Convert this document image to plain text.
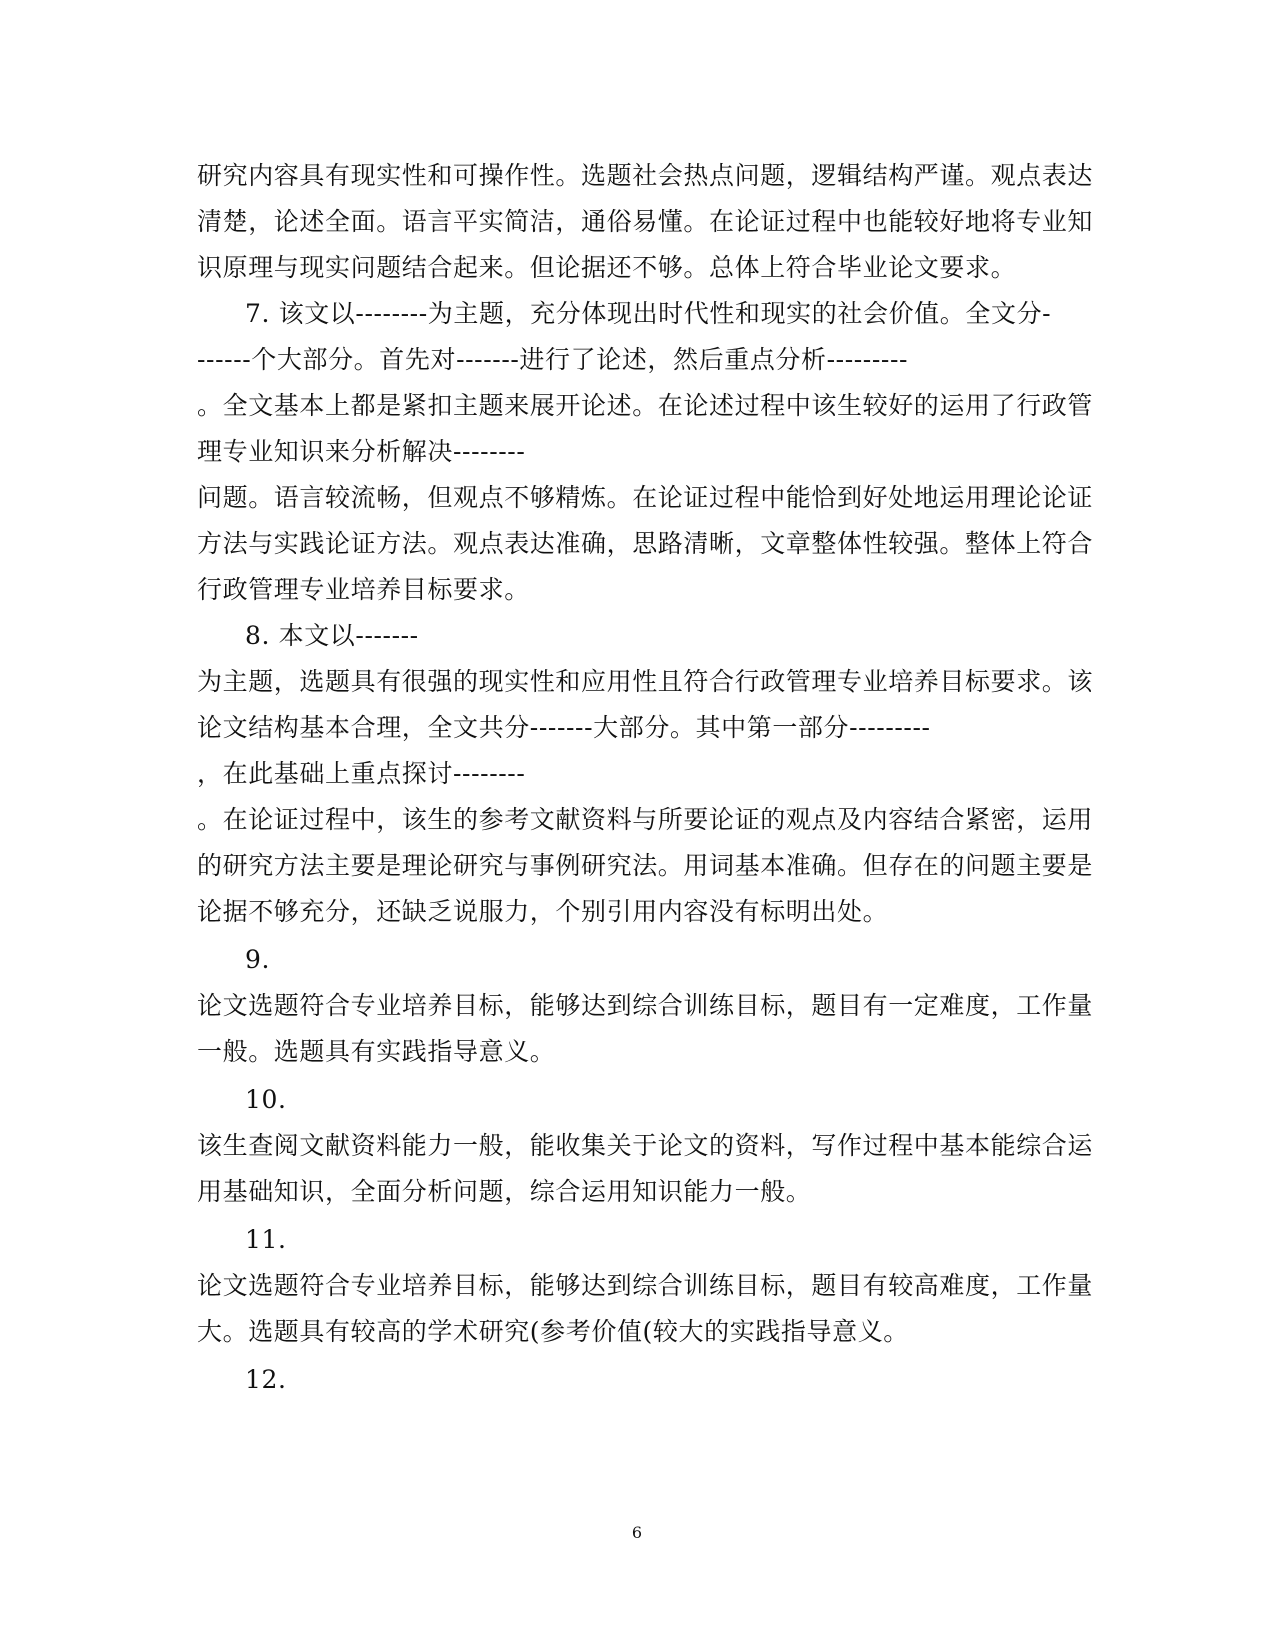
研究内容具有现实性和可操作性。选题社会热点问题，逻辑结构严谨。观点表达
清楚，论述全面。语言平实简洁，通俗易懂。在论证过程中也能较好地将专业知
识原理与现实问题结合起来。但论据还不够。总体上符合毕业论文要求。
7. 该文以--------为主题，充分体现出时代性和现实的社会价值。全文分-
------个大部分。首先对-------进行了论述，然后重点分析---------
。全文基本上都是紧扣主题来展开论述。在论述过程中该生较好的运用了行政管
理专业知识来分析解决--------
问题。语言较流畅，但观点不够精炼。在论证过程中能恰到好处地运用理论论证
方法与实践论证方法。观点表达准确，思路清晰，文章整体性较强。整体上符合
行政管理专业培养目标要求。
8. 本文以-------
为主题，选题具有很强的现实性和应用性且符合行政管理专业培养目标要求。该
论文结构基本合理，全文共分-------大部分。其中第一部分---------
，在此基础上重点探讨--------
。在论证过程中，该生的参考文献资料与所要论证的观点及内容结合紧密，运用
的研究方法主要是理论研究与事例研究法。用词基本准确。但存在的问题主要是
论据不够充分，还缺乏说服力，个别引用内容没有标明出处。
9.
论文选题符合专业培养目标，能够达到综合训练目标，题目有一定难度，工作量
一般。选题具有实践指导意义。
10.
该生查阅文献资料能力一般，能收集关于论文的资料，写作过程中基本能综合运
用基础知识，全面分析问题，综合运用知识能力一般。
11.
论文选题符合专业培养目标，能够达到综合训练目标，题目有较高难度，工作量
大。选题具有较高的学术研究(参考价值(较大的实践指导意义。
12.
6
